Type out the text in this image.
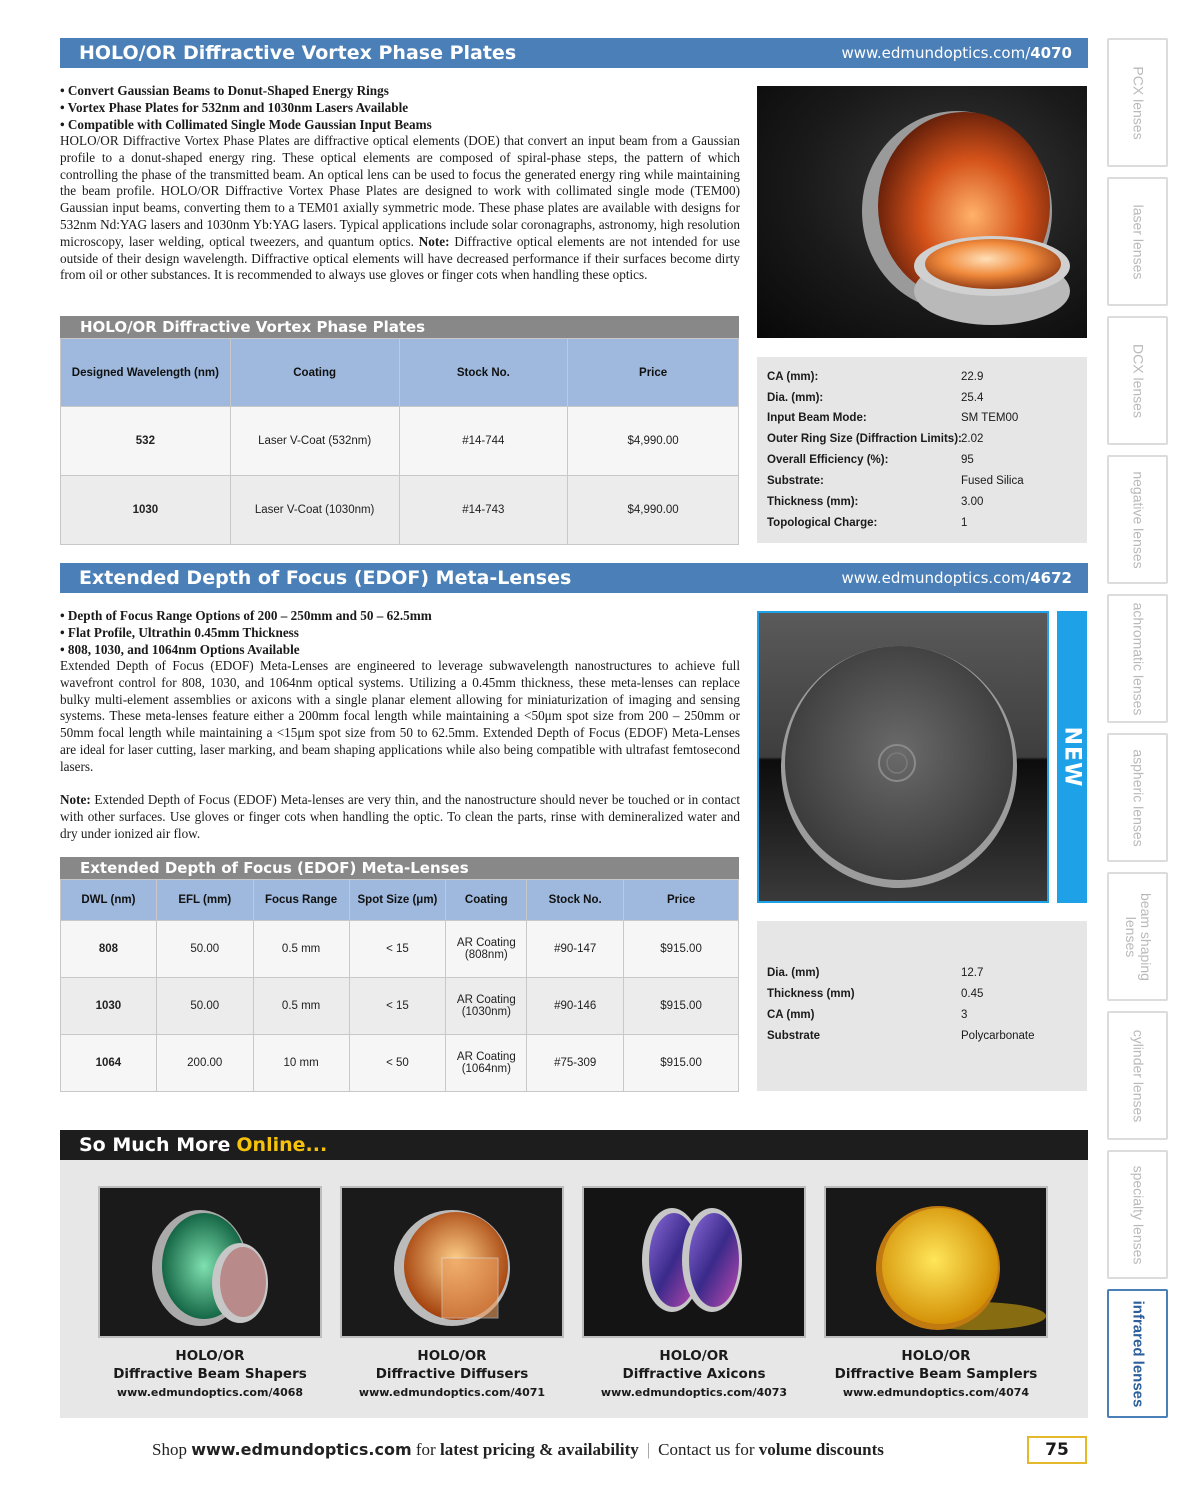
HOLO/OR Diffractive Vortex Phase Plates	www.edmundoptics.com/4070
• Convert Gaussian Beams to Donut-Shaped Energy Rings
• Vortex Phase Plates for 532nm and 1030nm Lasers Available
• Compatible with Collimated Single Mode Gaussian Input Beams
HOLO/OR Diffractive Vortex Phase Plates are diffractive optical elements (DOE) that convert an input beam from a Gaussian profile to a donut-shaped energy ring. These optical elements are composed of spiral-phase steps, the pattern of which controlling the phase of the transmitted beam. An optical lens can be used to focus the generated energy ring while maintaining the beam profile. HOLO/OR Diffractive Vortex Phase Plates are designed to work with collimated single mode (TEM00) Gaussian input beams, converting them to a TEM01 axially symmetric mode. These phase plates are available with designs for 532nm Nd:YAG lasers and 1030nm Yb:YAG lasers. Typical applications include solar coronagraphs, astronomy, high resolution microscopy, laser welding, optical tweezers, and quantum optics. Note: Diffractive optical elements are not intended for use outside of their design wavelength. Diffractive optical elements will have decreased performance if their surfaces become dirty from oil or other substances. It is recommended to always use gloves or finger cots when handling these optics.
HOLO/OR Diffractive Vortex Phase Plates
Designed Wavelength (nm)	Coating	Stock No.	Price
532	Laser V-Coat (532nm)	#14-744	$4,990.00
1030	Laser V-Coat (1030nm)	#14-743	$4,990.00
CA (mm):	22.9
Dia. (mm):	25.4
Input Beam Mode:	SM TEM00
Outer Ring Size (Diffraction Limits): 2.02
Overall Efficiency (%):	95
Substrate:	Fused Silica
Thickness (mm):	3.00
Topological Charge:	1
Extended Depth of Focus (EDOF) Meta-Lenses	www.edmundoptics.com/4672
• Depth of Focus Range Options of 200 – 250mm and 50 – 62.5mm
• Flat Profile, Ultrathin 0.45mm Thickness
• 808, 1030, and 1064nm Options Available
Extended Depth of Focus (EDOF) Meta-Lenses are engineered to leverage subwavelength nanostructures to achieve full wavefront control for 808, 1030, and 1064nm optical systems. Utilizing a 0.45mm thickness, these meta-lenses can replace bulky multi-element assemblies or axicons with a single planar element allowing for miniaturization of imaging and sensing systems. These meta-lenses feature either a 200mm focal length while maintaining a <50μm spot size from 200 – 250mm or 50mm focal length while maintaining a <15μm spot size from 50 to 62.5mm. Extended Depth of Focus (EDOF) Meta-Lenses are ideal for laser cutting, laser marking, and beam shaping applications while also being compatible with ultrafast femtosecond lasers.
Note: Extended Depth of Focus (EDOF) Meta-lenses are very thin, and the nanostructure should never be touched or in contact with other surfaces. Use gloves or finger cots when handling the optic. To clean the parts, rinse with demineralized water and dry under ionized air flow.
NEW
Extended Depth of Focus (EDOF) Meta-Lenses
DWL (nm)	EFL (mm)	Focus Range	Spot Size (μm)	Coating	Stock No.	Price
808	50.00	0.5 mm	< 15	AR Coating (808nm)	#90-147	$915.00
1030	50.00	0.5 mm	< 15	AR Coating (1030nm)	#90-146	$915.00
1064	200.00	10 mm	< 50	AR Coating (1064nm)	#75-309	$915.00
Dia. (mm)	12.7
Thickness (mm)	0.45
CA (mm)	3
Substrate	Polycarbonate
So Much More Online...
HOLO/OR
Diffractive Beam Shapers
www.edmundoptics.com/4068
HOLO/OR
Diffractive Diffusers
www.edmundoptics.com/4071
HOLO/OR
Diffractive Axicons
www.edmundoptics.com/4073
HOLO/OR
Diffractive Beam Samplers
www.edmundoptics.com/4074
PCX lenses
laser lenses
DCX lenses
negative lenses
achromatic lenses
aspheric lenses
beam shaping lenses
cylinder lenses
specialty lenses
infrared lenses
Shop www.edmundoptics.com for latest pricing & availability | Contact us for volume discounts	75
